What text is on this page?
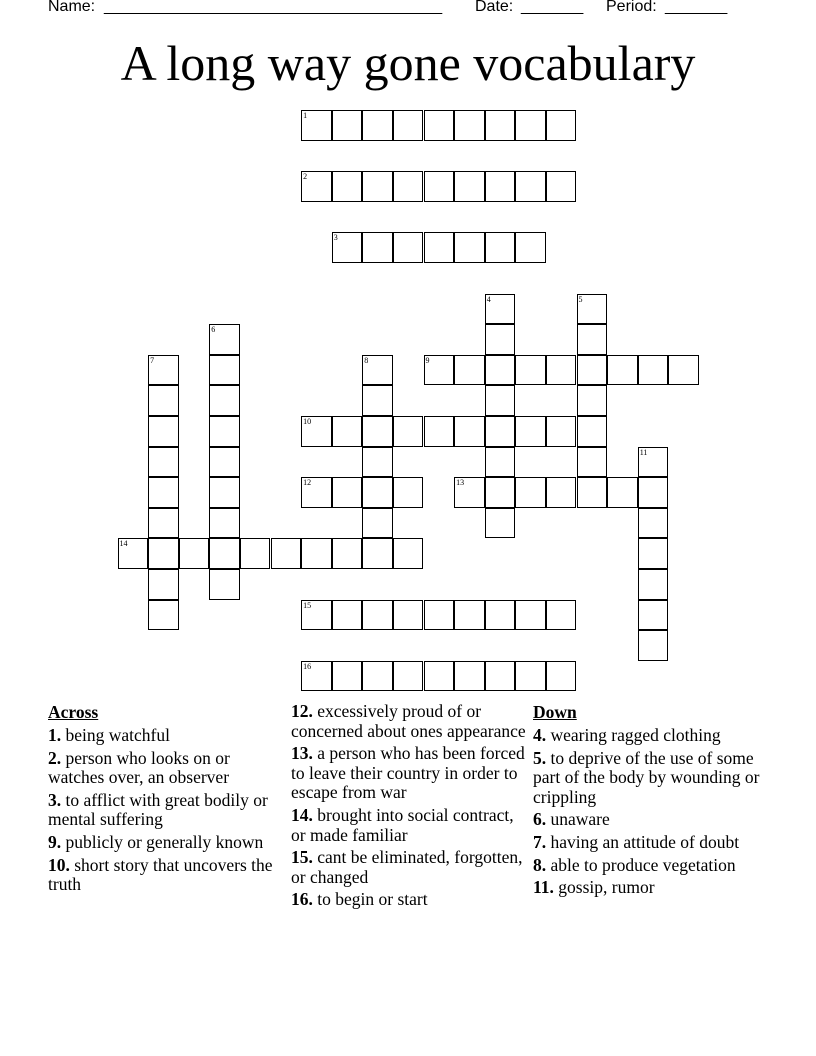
Name:

______________________________________

Date:

_______

Period:

_______

A long way gone vocabulary
1
2
3
4	5
6
7	8	9
10
11
12	13
14
15
16
Across
1. being watchful
2. person who looks on or watches over, an observer
3. to afflict with great bodily or mental suffering
9. publicly or generally known
10. short story that uncovers the truth
12. excessively proud of or concerned about ones appearance
13. a person who has been forced to leave their country in order to escape from war
14. brought into social contract, or made familiar
15. cant be eliminated, forgotten, or changed
16. to begin or start
Down
4. wearing ragged clothing
5. to deprive of the use of some part of the body by wounding or crippling
6. unaware
7. having an attitude of doubt
8. able to produce vegetation
11. gossip, rumor
